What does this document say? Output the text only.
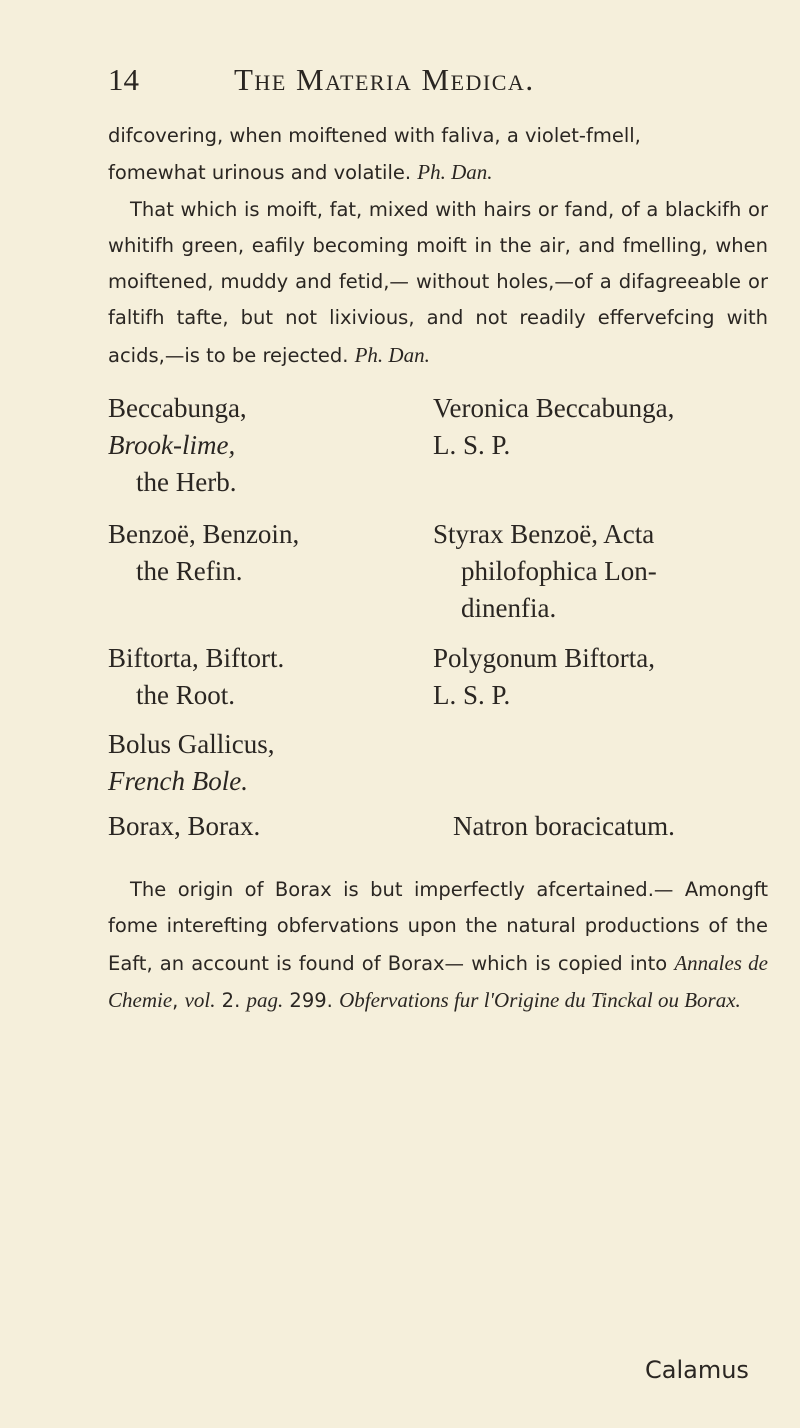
14	The Materia Medica.

difcovering, when moiftened with faliva, a violet-fmell,

fomewhat urinous and volatile. Ph. Dan.

That which is moift, fat, mixed with hairs or fand, of a blackifh or whitifh green, eafily becoming moift in the air, and fmelling, when moiftened, muddy and fetid,— without holes,—of a difagreeable or faltifh tafte, but not lixivious, and not readily effervefcing with acids,—is to be rejected. Ph. Dan.

Beccabunga,
Brook-lime,
the Herb.
Veronica Beccabunga,
L. S. P.
Benzoë, Benzoin,
the Refin.
Styrax Benzoë, Acta
philofophica Lon-
dinenfia.
Biftorta, Biftort.
the Root.
Polygonum Biftorta,
L. S. P.
Bolus Gallicus,
French Bole.
Borax, Borax.	Natron boracicatum.

The origin of Borax is but imperfectly afcertained.— Amongft fome interefting obfervations upon the natural productions of the Eaft, an account is found of Borax— which is copied into Annales de Chemie, vol. 2. pag. 299. Obfervations fur l'Origine du Tinckal ou Borax.

Calamus
